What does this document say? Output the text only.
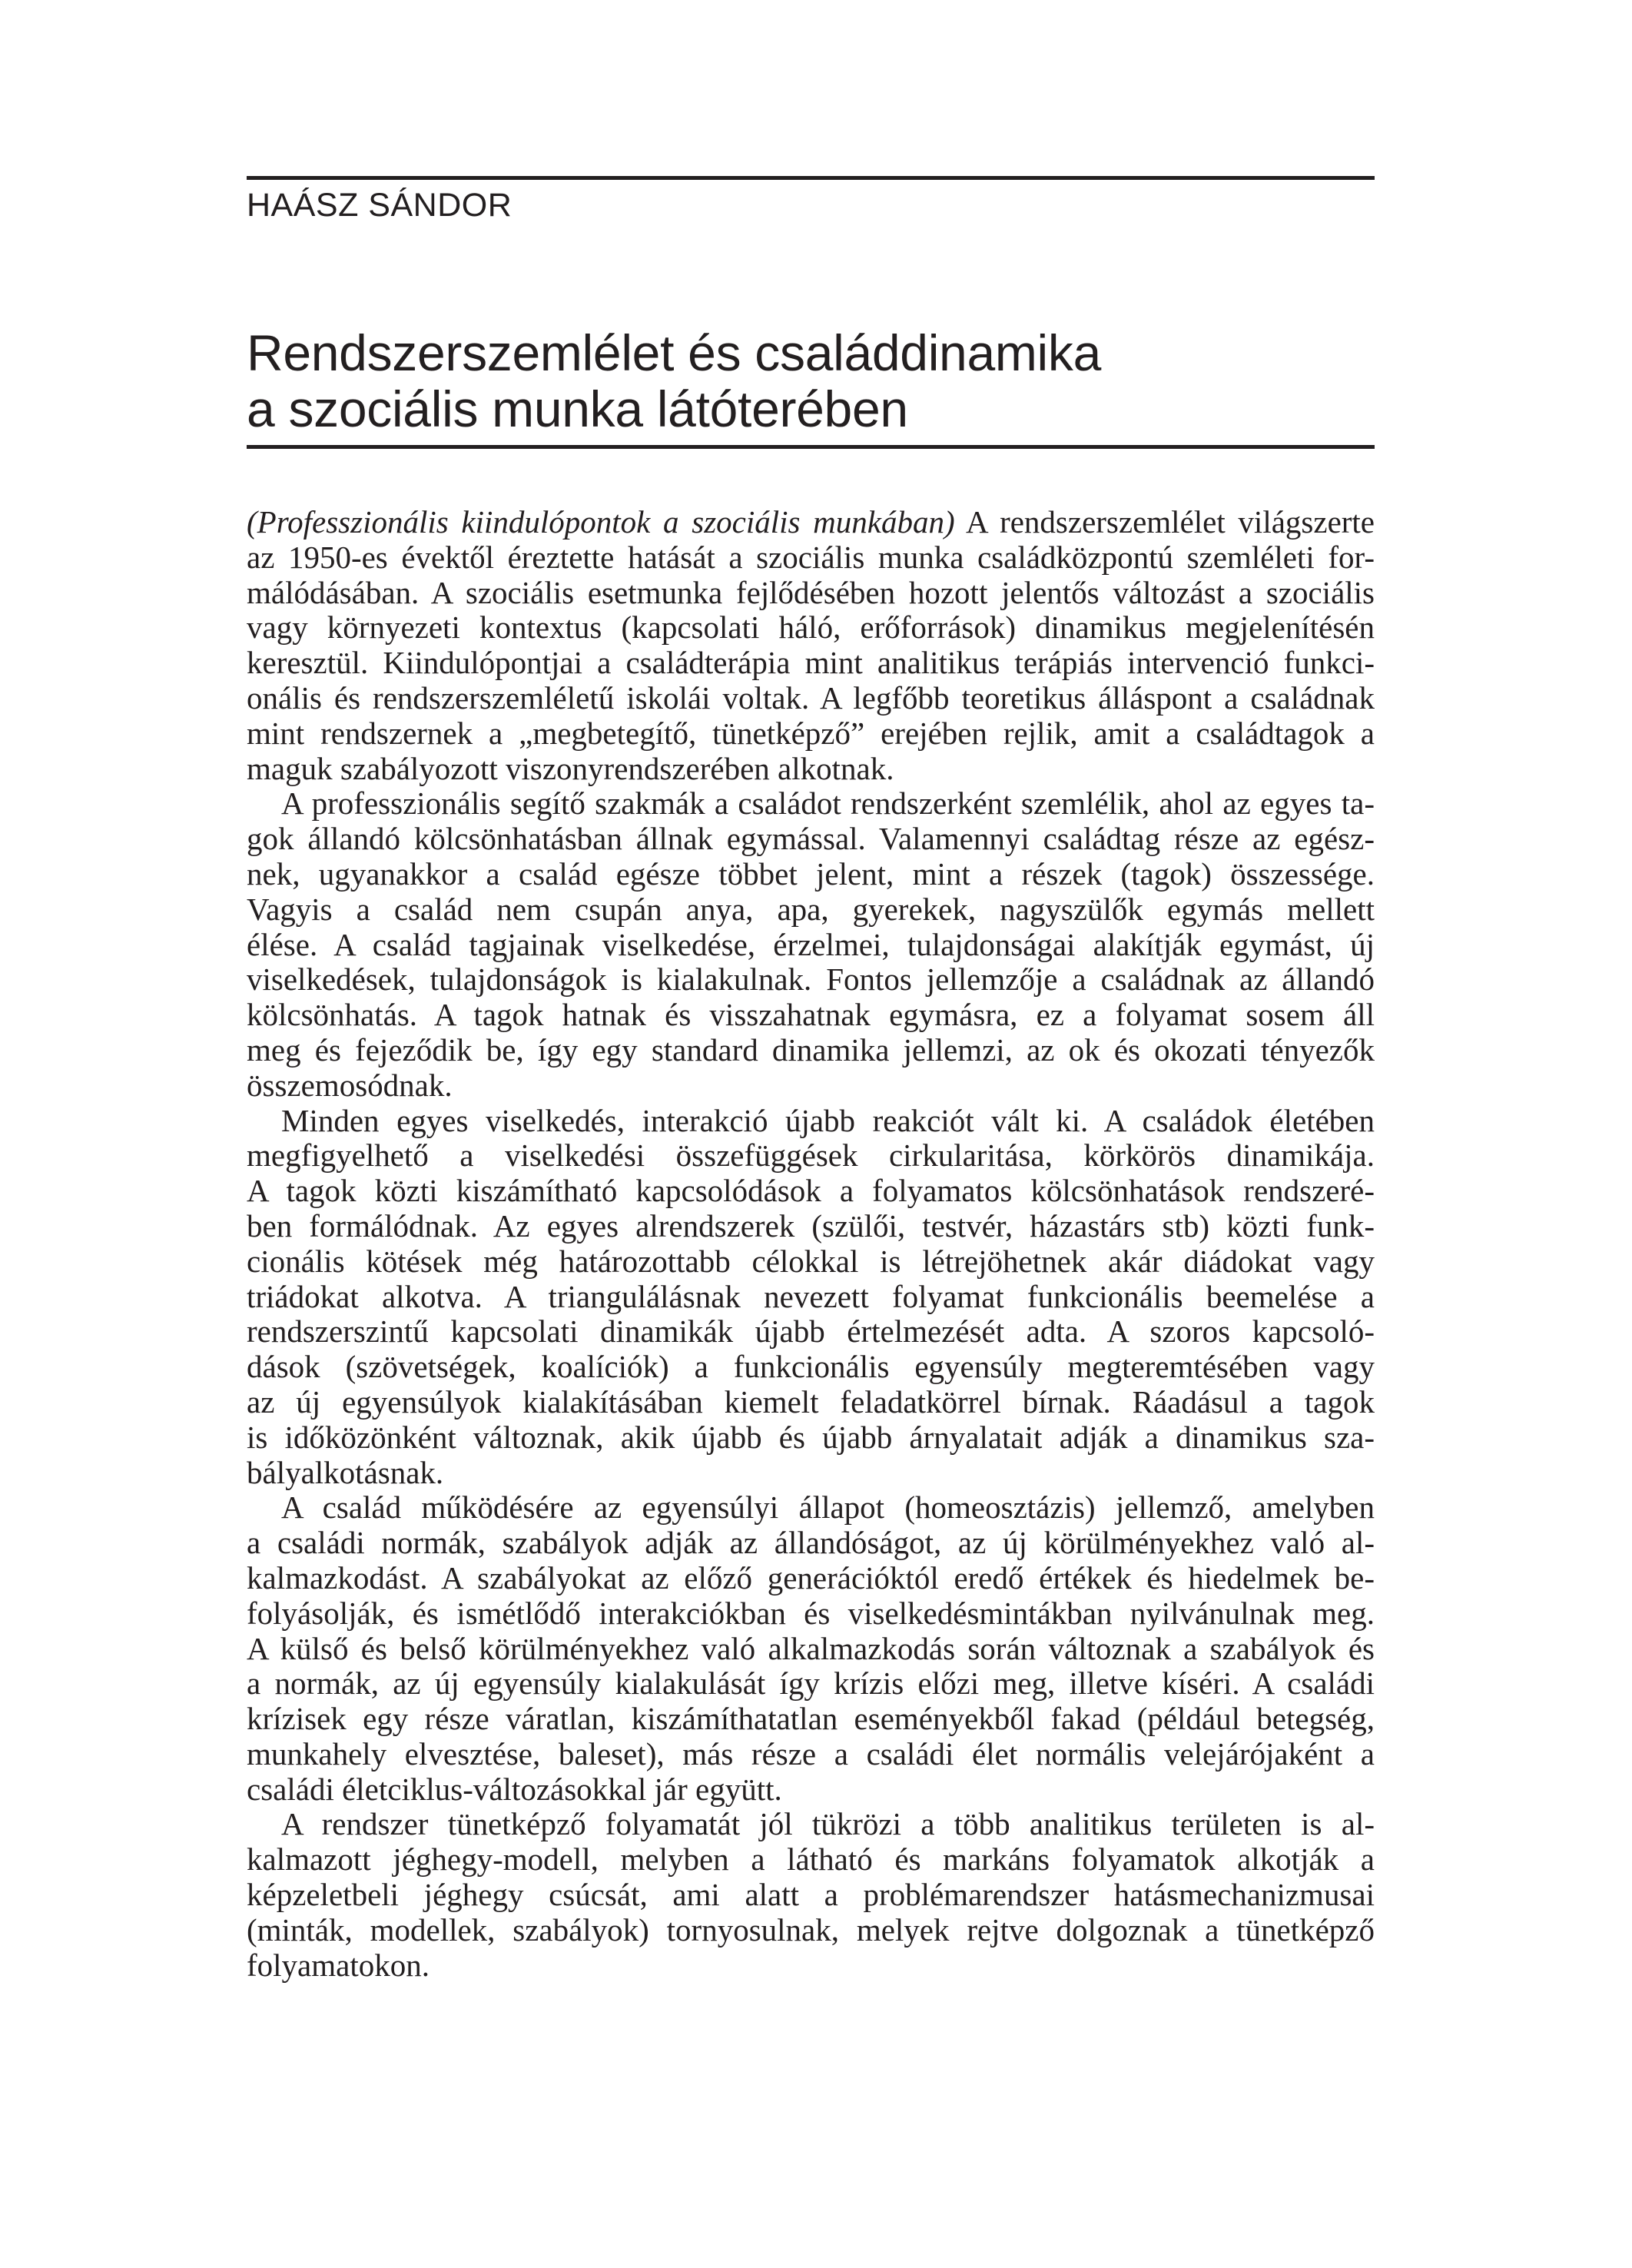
HAÁSZ SÁNDOR
Rendszerszemlélet és családdinamika
a szociális munka látóterében
(Professzionális kiindulópontok a szociális munkában) A rendszerszemlélet világszerte
az 1950-es évektől éreztette hatását a szociális munka családközpontú szemléleti for-
málódásában. A szociális esetmunka fejlődésében hozott jelentős változást a szociális
vagy környezeti kontextus (kapcsolati háló, erőforrások) dinamikus megjelenítésén
keresztül. Kiindulópontjai a családterápia mint analitikus terápiás intervenció funkci-
onális és rendszerszemléletű iskolái voltak. A legfőbb teoretikus álláspont a családnak
mint rendszernek a „megbetegítő, tünetképző” erejében rejlik, amit a családtagok a
maguk szabályozott viszonyrendszerében alkotnak.
A professzionális segítő szakmák a családot rendszerként szemlélik, ahol az egyes ta-
gok állandó kölcsönhatásban állnak egymással. Valamennyi családtag része az egész-
nek, ugyanakkor a család egésze többet jelent, mint a részek (tagok) összessége.
Vagyis a család nem csupán anya, apa, gyerekek, nagyszülők egymás mellett
élése. A család tagjainak viselkedése, érzelmei, tulajdonságai alakítják egymást, új
viselkedések, tulajdonságok is kialakulnak. Fontos jellemzője a családnak az állandó
kölcsönhatás. A tagok hatnak és visszahatnak egymásra, ez a folyamat sosem áll
meg és fejeződik be, így egy standard dinamika jellemzi, az ok és okozati tényezők
összemosódnak.
Minden egyes viselkedés, interakció újabb reakciót vált ki. A családok életében
megfigyelhető a viselkedési összefüggések cirkularitása, körkörös dinamikája.
A tagok közti kiszámítható kapcsolódások a folyamatos kölcsönhatások rendszeré-
ben formálódnak. Az egyes alrendszerek (szülői, testvér, házastárs stb) közti funk-
cionális kötések még határozottabb célokkal is létrejöhetnek akár diádokat vagy
triádokat alkotva. A triangulálásnak nevezett folyamat funkcionális beemelése a
rendszerszintű kapcsolati dinamikák újabb értelmezését adta. A szoros kapcsoló-
dások (szövetségek, koalíciók) a funkcionális egyensúly megteremtésében vagy
az új egyensúlyok kialakításában kiemelt feladatkörrel bírnak. Ráadásul a tagok
is időközönként változnak, akik újabb és újabb árnyalatait adják a dinamikus sza-
bályalkotásnak.
A család működésére az egyensúlyi állapot (homeosztázis) jellemző, amelyben
a családi normák, szabályok adják az állandóságot, az új körülményekhez való al-
kalmazkodást. A szabályokat az előző generációktól eredő értékek és hiedelmek be-
folyásolják, és ismétlődő interakciókban és viselkedésmintákban nyilvánulnak meg.
A külső és belső körülményekhez való alkalmazkodás során változnak a szabályok és
a normák, az új egyensúly kialakulását így krízis előzi meg, illetve kíséri. A családi
krízisek egy része váratlan, kiszámíthatatlan eseményekből fakad (például betegség,
munkahely elvesztése, baleset), más része a családi élet normális velejárójaként a
családi életciklus-változásokkal jár együtt.
A rendszer tünetképző folyamatát jól tükrözi a több analitikus területen is al-
kalmazott jéghegy-modell, melyben a látható és markáns folyamatok alkotják a
képzeletbeli jéghegy csúcsát, ami alatt a problémarendszer hatásmechanizmusai
(minták, modellek, szabályok) tornyosulnak, melyek rejtve dolgoznak a tünetképző
folyamatokon.
